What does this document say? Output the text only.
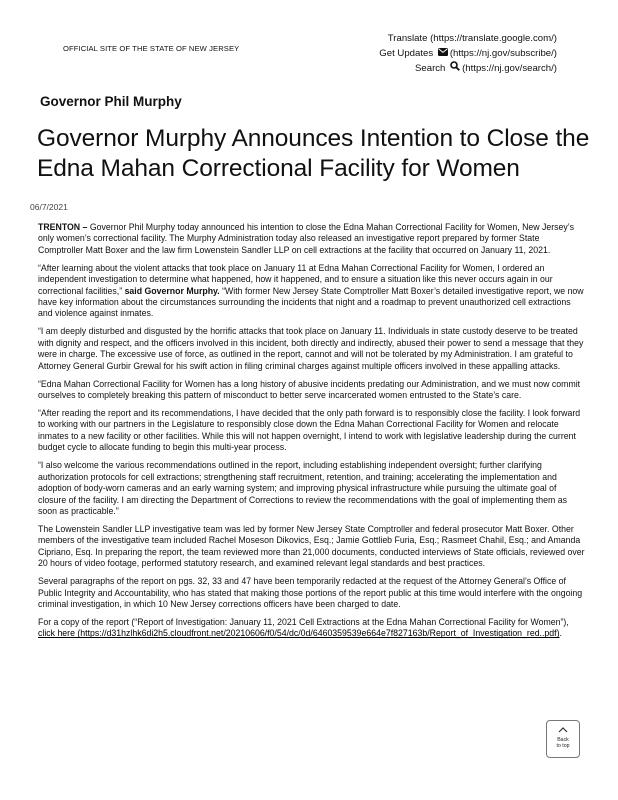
OFFICIAL SITE OF THE STATE OF NEW JERSEY
Translate (https://translate.google.com/)
Get Updates (https://nj.gov/subscribe/)
Search (https://nj.gov/search/)
Governor Phil Murphy
Governor Murphy Announces Intention to Close the Edna Mahan Correctional Facility for Women
06/7/2021

TRENTON – Governor Phil Murphy today announced his intention to close the Edna Mahan Correctional Facility for Women, New Jersey’s only women’s correctional facility. The Murphy Administration today also released an investigative report prepared by former State Comptroller Matt Boxer and the law firm Lowenstein Sandler LLP on cell extractions at the facility that occurred on January 11, 2021.

“After learning about the violent attacks that took place on January 11 at Edna Mahan Correctional Facility for Women, I ordered an independent investigation to determine what happened, how it happened, and to ensure a situation like this never occurs again in our correctional facilities,” said Governor Murphy. “With former New Jersey State Comptroller Matt Boxer’s detailed investigative report, we now have key information about the circumstances surrounding the incidents that night and a roadmap to prevent unauthorized cell extractions and violence against inmates.

“I am deeply disturbed and disgusted by the horrific attacks that took place on January 11. Individuals in state custody deserve to be treated with dignity and respect, and the officers involved in this incident, both directly and indirectly, abused their power to send a message that they were in charge. The excessive use of force, as outlined in the report, cannot and will not be tolerated by my Administration. I am grateful to Attorney General Gurbir Grewal for his swift action in filing criminal charges against multiple officers involved in these appalling attacks.

“Edna Mahan Correctional Facility for Women has a long history of abusive incidents predating our Administration, and we must now commit ourselves to completely breaking this pattern of misconduct to better serve incarcerated women entrusted to the State’s care.

“After reading the report and its recommendations, I have decided that the only path forward is to responsibly close the facility. I look forward to working with our partners in the Legislature to responsibly close down the Edna Mahan Correctional Facility for Women and relocate inmates to a new facility or other facilities. While this will not happen overnight, I intend to work with legislative leadership during the current budget cycle to allocate funding to begin this multi-year process.

“I also welcome the various recommendations outlined in the report, including establishing independent oversight; further clarifying authorization protocols for cell extractions; strengthening staff recruitment, retention, and training; accelerating the implementation and adoption of body-worn cameras and an early warning system; and improving physical infrastructure while pursuing the ultimate goal of closure of the facility. I am directing the Department of Corrections to review the recommendations with the goal of implementing them as soon as practicable.”

The Lowenstein Sandler LLP investigative team was led by former New Jersey State Comptroller and federal prosecutor Matt Boxer. Other members of the investigative team included Rachel Moseson Dikovics, Esq.; Jamie Gottlieb Furia, Esq.; Rasmeet Chahil, Esq.; and Amanda Cipriano, Esq. In preparing the report, the team reviewed more than 21,000 documents, conducted interviews of State officials, reviewed over 20 hours of video footage, performed statutory research, and examined relevant legal standards and best practices.

Several paragraphs of the report on pgs. 32, 33 and 47 have been temporarily redacted at the request of the Attorney General’s Office of Public Integrity and Accountability, who has stated that making those portions of the report public at this time would interfere with the ongoing criminal investigation, in which 10 New Jersey corrections officers have been charged to date.

For a copy of the report (“Report of Investigation: January 11, 2021 Cell Extractions at the Edna Mahan Correctional Facility for Women”), click here (https://d31hzlhk6di2h5.cloudfront.net/20210606/f0/54/dc/0d/6460359539e664e7f827163b/Report_of_Investigation_red..pdf).

Back
to top
